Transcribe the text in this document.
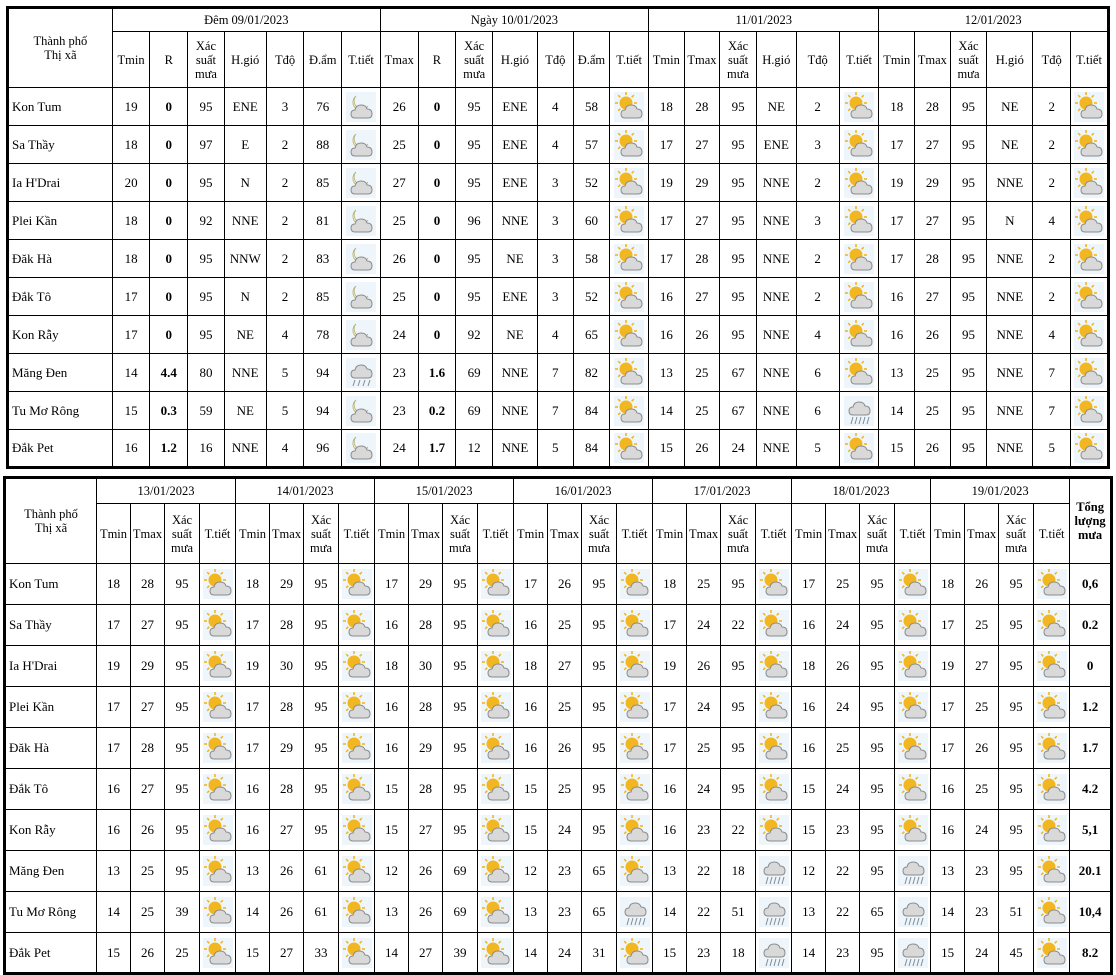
Thành phố
Thị xã	Đêm 09/01/2023							Ngày 10/01/2023							11/01/2023						12/01/2023					
	Tmin	R	Xác
suất
mưa	H.gió	Tđộ	Đ.ẩm	T.tiết	Tmax	R	Xác
suất
mưa	H.gió	Tđộ	Đ.ẩm	T.tiết	Tmin	Tmax	Xác
suất
mưa	H.gió	Tđộ	T.tiết	Tmin	Tmax	Xác
suất
mưa	H.gió	Tđộ	T.tiết
Kon Tum	19	0	95	ENE	3	76		26	0	95	ENE	4	58		18	28	95	NE	2		18	28	95	NE	2	

Sa Thầy	18	0	97	E	2	88		25	0	95	ENE	4	57		17	27	95	ENE	3		17	27	95	NE	2	

Ia H'Drai	20	0	95	N	2	85		27	0	95	ENE	3	52		19	29	95	NNE	2		19	29	95	NNE	2	

Plei Kần	18	0	92	NNE	2	81		25	0	96	NNE	3	60		17	27	95	NNE	3		17	27	95	N	4	

Đăk Hà	18	0	95	NNW	2	83		26	0	95	NE	3	58		17	28	95	NNE	2		17	28	95	NNE	2	

Đắk Tô	17	0	95	N	2	85		25	0	95	ENE	3	52		16	27	95	NNE	2		16	27	95	NNE	2	

Kon Rẫy	17	0	95	NE	4	78		24	0	92	NE	4	65		16	26	95	NNE	4		16	26	95	NNE	4	

Măng Đen	14	4.4	80	NNE	5	94		23	1.6	69	NNE	7	82		13	25	67	NNE	6		13	25	95	NNE	7	

Tu Mơ Rông	15	0.3	59	NE	5	94		23	0.2	69	NNE	7	84		14	25	67	NNE	6		14	25	95	NNE	7	

Đắk Pet	16	1.2	16	NNE	4	96		24	1.7	12	NNE	5	84		15	26	24	NNE	5		15	26	95	NNE	5	
Thành phố
Thị xã	13/01/2023				14/01/2023				15/01/2023				16/01/2023				17/01/2023				18/01/2023				19/01/2023				Tổng
lượng
mưa
	Tmin	Tmax	Xác
suất
mưa	T.tiết	Tmin	Tmax	Xác
suất
mưa	T.tiết	Tmin	Tmax	Xác
suất
mưa	T.tiết	Tmin	Tmax	Xác
suất
mưa	T.tiết	Tmin	Tmax	Xác
suất
mưa	T.tiết	Tmin	Tmax	Xác
suất
mưa	T.tiết	Tmin	Tmax	Xác
suất
mưa	T.tiết	
Kon Tum	18	28	95		18	29	95		17	29	95		17	26	95		18	25	95		17	25	95		18	26	95		0,6
Sa Thầy	17	27	95		17	28	95		16	28	95		16	25	95		17	24	22		16	24	95		17	25	95		0.2
Ia H'Drai	19	29	95		19	30	95		18	30	95		18	27	95		19	26	95		18	26	95		19	27	95		0
Plei Kần	17	27	95		17	28	95		16	28	95		16	25	95		17	24	95		16	24	95		17	25	95		1.2
Đăk Hà	17	28	95		17	29	95		16	29	95		16	26	95		17	25	95		16	25	95		17	26	95		1.7
Đắk Tô	16	27	95		16	28	95		15	28	95		15	25	95		16	24	95		15	24	95		16	25	95		4.2
Kon Rẫy	16	26	95		16	27	95		15	27	95		15	24	95		16	23	22		15	23	95		16	24	95		5,1
Măng Đen	13	25	95		13	26	61		12	26	69		12	23	65		13	22	18		12	22	95		13	23	95		20.1
Tu Mơ Rông	14	25	39		14	26	61		13	26	69		13	23	65		14	22	51		13	22	65		14	23	51		10,4
Đắk Pet	15	26	25		15	27	33		14	27	39		14	24	31		15	23	18		14	23	95		15	24	45		8.2
